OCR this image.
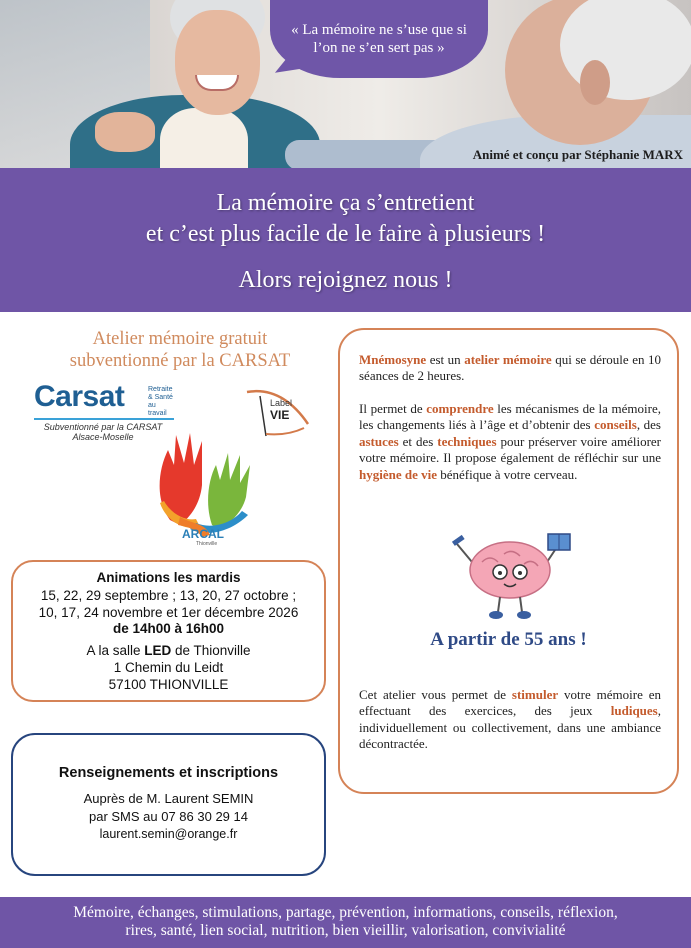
« La mémoire ne s’use que si l’on ne s’en sert pas »
Animé et conçu par Stéphanie MARX
La mémoire ça s’entretient
et c’est plus facile de le faire à plusieurs !
Alors rejoignez nous !
Atelier mémoire gratuit
subventionné par la CARSAT
Carsat	Retraite
& Santé
au travail
Subventionné par la CARSAT
Alsace-Moselle
Label
VIE
ARCAL
Thionville
Animations les mardis
15, 22, 29 septembre ; 13, 20, 27 octobre ;
10, 17, 24 novembre et 1er décembre 2026
de 14h00 à 16h00
A la salle LED de Thionville
1 Chemin du Leidt
57100 THIONVILLE
Renseignements et inscriptions
Auprès de M. Laurent SEMIN
par SMS au 07 86 30 29 14
laurent.semin@orange.fr

Mnémosyne est un atelier mémoire qui se déroule en 10 séances de 2 heures.

Il permet de comprendre les mécanismes de la mémoire, les changements liés à l’âge et d’obtenir des conseils, des astuces et des techniques pour préserver voire améliorer votre mémoire. Il propose également de réfléchir sur une hygiène de vie bénéfique à votre cerveau.

Cet atelier vous permet de stimuler votre mémoire en effectuant des exercices, des jeux ludiques, individuellement ou collectivement, dans une ambiance décontractée.

A partir de 55 ans !
Mémoire, échanges, stimulations, partage, prévention, informations, conseils, réflexion,
rires, santé, lien social, nutrition, bien vieillir, valorisation, convivialité
